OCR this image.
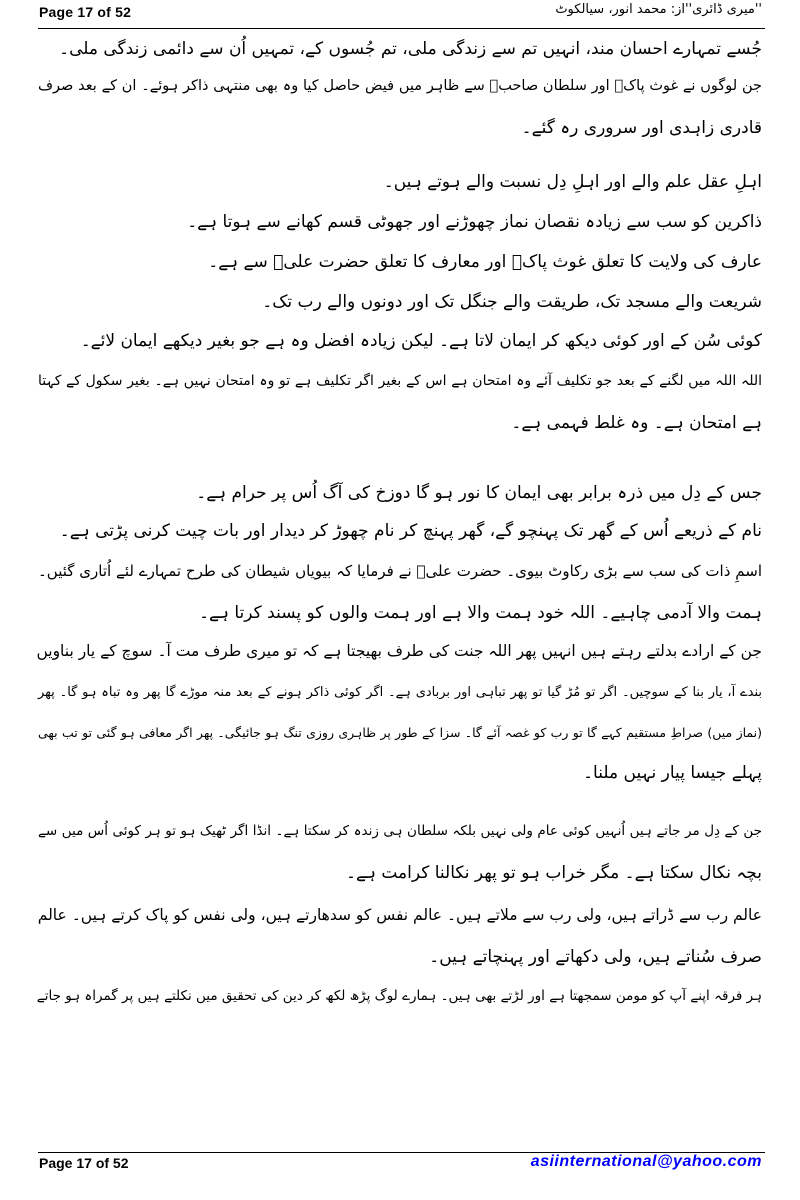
Page 17 of 52	''میری ڈائری''از: محمد انور، سیالکوٹ
جُسے تمہارے احسان مند، انہیں تم سے زندگی ملی، تم جُسوں کے، تمہیں اُن سے دائمی زندگی ملی۔
جن لوگوں نے غوث پاکؒ اور سلطان صاحبؒ سے ظاہر میں فیض حاصل کیا وہ بھی منتہی ذاکر ہوئے۔ ان کے بعد صرف
قادری زاہدی اور سروری رہ گئے۔
اہلِ عقل علم والے اور اہلِ دِل نسبت والے ہوتے ہیں۔
ذاکرین کو سب سے زیادہ نقصان نماز چھوڑنے اور جھوٹی قسم کھانے سے ہوتا ہے۔
عارف کی ولایت کا تعلق غوث پاکؒ اور معارف کا تعلق حضرت علیؓ سے ہے۔
شریعت والے مسجد تک، طریقت والے جنگل تک اور دونوں والے رب تک۔
کوئی سُن کے اور کوئی دیکھ کر ایمان لاتا ہے۔ لیکن زیادہ افضل وہ ہے جو بغیر دیکھے ایمان لائے۔
اللہ اللہ میں لگنے کے بعد جو تکلیف آئے وہ امتحان ہے اس کے بغیر اگر تکلیف ہے تو وہ امتحان نہیں ہے۔ بغیر سکول کے کہتا
ہے امتحان ہے۔ وہ غلط فہمی ہے۔
جس کے دِل میں ذرہ برابر بھی ایمان کا نور ہو گا دوزخ کی آگ اُس پر حرام ہے۔
نام کے ذریعے اُس کے گھر تک پہنچو گے، گھر پہنچ کر نام چھوڑ کر دیدار اور بات چیت کرنی پڑتی ہے۔
اسمِ ذات کی سب سے بڑی رکاوٹ بیوی۔ حضرت علیؓ نے فرمایا کہ بیویاں شیطان کی طرح تمہارے لئے اُتاری گئیں۔
ہمت والا آدمی چاہیے۔ اللہ خود ہمت والا ہے اور ہمت والوں کو پسند کرتا ہے۔
جن کے ارادے بدلتے رہتے ہیں انہیں پھر اللہ جنت کی طرف بھیجتا ہے کہ تو میری طرف مت آ۔ سوچ کے یار بناویں
بندے آ، یار بنا کے سوچیں۔ اگر تو مُڑ گیا تو پھر تباہی اور بربادی ہے۔ اگر کوئی ذاکر ہونے کے بعد منہ موڑے گا پھر وہ تباہ ہو گا۔ پھر
(نماز میں) صراطِ مستقیم کہے گا تو رب کو غصہ آئے گا۔ سزا کے طور پر ظاہری روزی تنگ ہو جائیگی۔ پھر اگر معافی ہو گئی تو تب بھی
پہلے جیسا پیار نہیں ملنا۔
جن کے دِل مر جاتے ہیں اُنہیں کوئی عام ولی نہیں بلکہ سلطان ہی زندہ کر سکتا ہے۔ انڈا اگر ٹھیک ہو تو ہر کوئی اُس میں سے
بچہ نکال سکتا ہے۔ مگر خراب ہو تو پھر نکالنا کرامت ہے۔
عالم رب سے ڈراتے ہیں، ولی رب سے ملاتے ہیں۔ عالم نفس کو سدھارتے ہیں، ولی نفس کو پاک کرتے ہیں۔ عالم
صرف سُناتے ہیں، ولی دکھاتے اور پہنچاتے ہیں۔
ہر فرقہ اپنے آپ کو مومن سمجھتا ہے اور لڑتے بھی ہیں۔ ہمارے لوگ پڑھ لکھ کر دین کی تحقیق میں نکلتے ہیں پر گمراہ ہو جاتے
Page 17 of 52	asiinternational@yahoo.com
